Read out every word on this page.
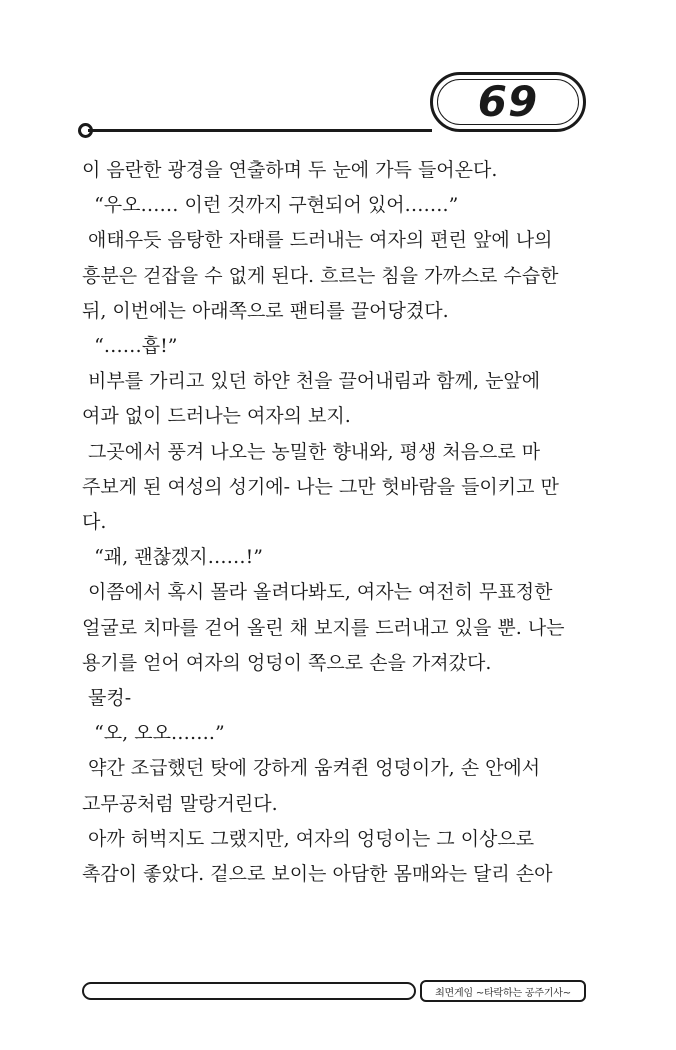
69

이 음란한 광경을 연출하며 두 눈에 가득 들어온다.

“우오…… 이런 것까지 구현되어 있어…….”

애태우듯 음탕한 자태를 드러내는 여자의 편린 앞에 나의

흥분은 걷잡을 수 없게 된다. 흐르는 침을 가까스로 수습한

뒤, 이번에는 아래쪽으로 팬티를 끌어당겼다.

“……흡!”

비부를 가리고 있던 하얀 천을 끌어내림과 함께, 눈앞에

여과 없이 드러나는 여자의 보지.

그곳에서 풍겨 나오는 농밀한 향내와, 평생 처음으로 마

주보게 된 여성의 성기에- 나는 그만 헛바람을 들이키고 만

다.

“괘, 괜찮겠지……!”

이쯤에서 혹시 몰라 올려다봐도, 여자는 여전히 무표정한

얼굴로 치마를 걷어 올린 채 보지를 드러내고 있을 뿐. 나는

용기를 얻어 여자의 엉덩이 쪽으로 손을 가져갔다.

물컹-

“오, 오오…….”

약간 조급했던 탓에 강하게 움켜쥔 엉덩이가, 손 안에서

고무공처럼 말랑거린다.

아까 허벅지도 그랬지만, 여자의 엉덩이는 그 이상으로

촉감이 좋았다. 겉으로 보이는 아담한 몸매와는 달리 손아

최면게임 ~타락하는 공주기사~
